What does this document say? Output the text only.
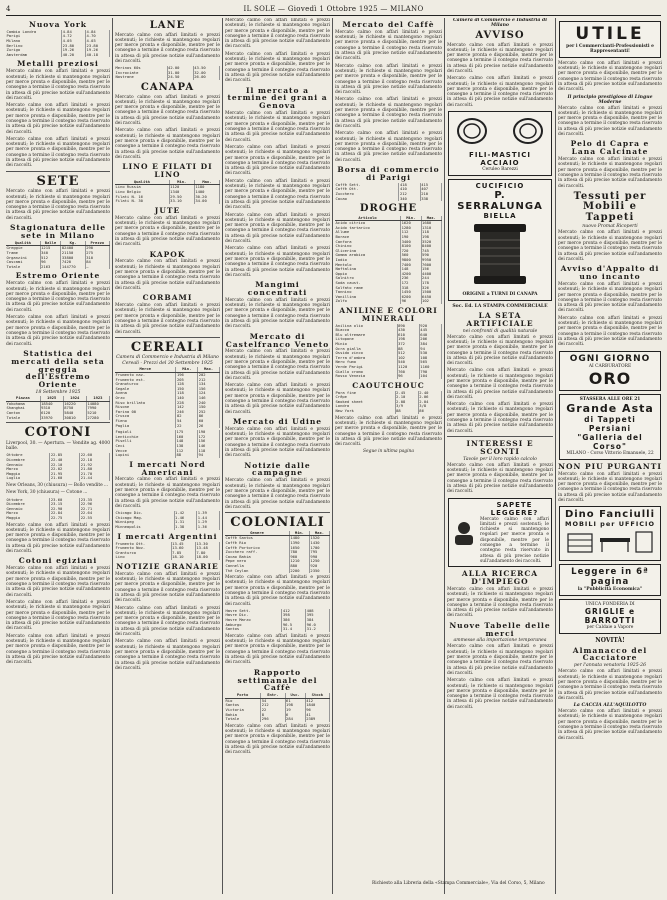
4	IL SOLE — Giovedì 1 Ottobre 1925 — MILANO
Nuova York
Cambio Londra	4.84	4.84
Parigi	4.72	4.70
Milano	4.05	4.03
Berlino	23.80	23.80
Zurigo	19.26	19.26
Amsterdam	40.20	40.18
Metalli preziosi

Mercato calmo con affari limitati e prezzi sostenuti; le richieste si mantengono regolari per merce pronta e disponibile, mentre per le consegne a termine il contegno resta riservato in attesa di più precise notizie sull'andamento dei raccolti.

Mercato calmo con affari limitati e prezzi sostenuti; le richieste si mantengono regolari per merce pronta e disponibile, mentre per le consegne a termine il contegno resta riservato in attesa di più precise notizie sull'andamento dei raccolti.

Mercato calmo con affari limitati e prezzi sostenuti; le richieste si mantengono regolari per merce pronta e disponibile, mentre per le consegne a termine il contegno resta riservato in attesa di più precise notizie sull'andamento dei raccolti.

SETE

Mercato calmo con affari limitati e prezzi sostenuti; le richieste si mantengono regolari per merce pronta e disponibile, mentre per le consegne a termine il contegno resta riservato in attesa di più precise notizie sull'andamento dei raccolti.

Stagionatura delle sete in Milano
Qualità	Balle	Kg.	Prezzo
Greggie	1215	82400	290
Trame	340	21150	275
Organzini	512	33800	310
Cascami	96	7420	84
Totale	2163	144770	—
Estremo Oriente

Mercato calmo con affari limitati e prezzi sostenuti; le richieste si mantengono regolari per merce pronta e disponibile, mentre per le consegne a termine il contegno resta riservato in attesa di più precise notizie sull'andamento dei raccolti.

Mercato calmo con affari limitati e prezzi sostenuti; le richieste si mantengono regolari per merce pronta e disponibile, mentre per le consegne a termine il contegno resta riservato in attesa di più precise notizie sull'andamento dei raccolti.

Statistica dei mercati della seta greggia dell'Estremo Oriente
18 Settembre 1925
Piazza	1925	1924	1923
Yokohama	18540	16220	14080
Shanghai	9310	8750	7990
Canton	6120	5840	5210
Totale	33970	30810	27280
COTONI

Liverpool, 30. — Apertura. — Vendite ag. 4000 balle.

Ottobre	22.85	22.60
Dicembre	22.40	22.18
Gennaio	22.10	21.92
Marzo	22.02	21.80
Maggio	21.95	21.70
Luglio	21.60	21.44

New Orleans, 30 (chiusura) — Bollo vendite ...

New York, 30 (chiusura) — Cotone ...

Ottobre	23.60	23.35
Dicembre	23.15	22.96
Gennaio	22.90	22.71
Marzo	22.84	22.64
Maggio	22.75	22.55

Mercato calmo con affari limitati e prezzi sostenuti; le richieste si mantengono regolari per merce pronta e disponibile, mentre per le consegne a termine il contegno resta riservato in attesa di più precise notizie sull'andamento dei raccolti.

Cotoni egiziani

Mercato calmo con affari limitati e prezzi sostenuti; le richieste si mantengono regolari per merce pronta e disponibile, mentre per le consegne a termine il contegno resta riservato in attesa di più precise notizie sull'andamento dei raccolti.

Mercato calmo con affari limitati e prezzi sostenuti; le richieste si mantengono regolari per merce pronta e disponibile, mentre per le consegne a termine il contegno resta riservato in attesa di più precise notizie sull'andamento dei raccolti.

Mercato calmo con affari limitati e prezzi sostenuti; le richieste si mantengono regolari per merce pronta e disponibile, mentre per le consegne a termine il contegno resta riservato in attesa di più precise notizie sull'andamento dei raccolti.

LANE

Mercato calmo con affari limitati e prezzi sostenuti; le richieste si mantengono regolari per merce pronta e disponibile, mentre per le consegne a termine il contegno resta riservato in attesa di più precise notizie sull'andamento dei raccolti.

Merinos 60s	42.00	43.50
Incrociate	31.00	32.00
Nostrane	24.50	26.00
CANAPA

Mercato calmo con affari limitati e prezzi sostenuti; le richieste si mantengono regolari per merce pronta e disponibile, mentre per le consegne a termine il contegno resta riservato in attesa di più precise notizie sull'andamento dei raccolti.

Mercato calmo con affari limitati e prezzi sostenuti; le richieste si mantengono regolari per merce pronta e disponibile, mentre per le consegne a termine il contegno resta riservato in attesa di più precise notizie sull'andamento dei raccolti.

LINO E FILATI DI LINO
Qualità	Min.	Max.
Lino Russia	1120	1180
Lino Belgio	1340	1400
Filati N. 16	29.50	30.20
Filati N. 30	33.10	34.00
JUTE

Mercato calmo con affari limitati e prezzi sostenuti; le richieste si mantengono regolari per merce pronta e disponibile, mentre per le consegne a termine il contegno resta riservato in attesa di più precise notizie sull'andamento dei raccolti.

KAPOK

Mercato calmo con affari limitati e prezzi sostenuti; le richieste si mantengono regolari per merce pronta e disponibile, mentre per le consegne a termine il contegno resta riservato in attesa di più precise notizie sull'andamento dei raccolti.

CORBAMI

Mercato calmo con affari limitati e prezzi sostenuti; le richieste si mantengono regolari per merce pronta e disponibile, mentre per le consegne a termine il contegno resta riservato in attesa di più precise notizie sull'andamento dei raccolti.

CEREALI
Camera di Commercio e Industria di Milano
Cereali - Prezzi del 30 Settembre 1925
Merce	Min.	Max.
Frumento naz.	196	202
Frumento est.	205	212
Granoturco	128	134
Segale	150	156
Avena	118	124
Orzo	140	146
Riso brillato	228	240
Risone	142	150
Farina 00	246	252
Crusca	82	86
Fieno	54	60
Paglia	22	26
Fagioli	175	190
Lenticchie	160	172
Piselli	148	156
Ceci	138	146
Vecce	112	118
Lupini	88	94
I mercati Nord Americani

Mercato calmo con affari limitati e prezzi sostenuti; le richieste si mantengono regolari per merce pronta e disponibile, mentre per le consegne a termine il contegno resta riservato in attesa di più precise notizie sull'andamento dei raccolti.

Chicago Dic.	1.42	1.39
Chicago Mag.	1.46	1.44
Winnipeg	1.31	1.29
Minneapolis	1.38	1.36
I mercati Argentini
Frumento Ott.	13.45	13.30
Frumento Nov.	13.60	13.48
Granturco	7.85	7.80
Lino	18.10	18.00
NOTIZIE GRANARIE

Mercato calmo con affari limitati e prezzi sostenuti; le richieste si mantengono regolari per merce pronta e disponibile, mentre per le consegne a termine il contegno resta riservato in attesa di più precise notizie sull'andamento dei raccolti.

Mercato calmo con affari limitati e prezzi sostenuti; le richieste si mantengono regolari per merce pronta e disponibile, mentre per le consegne a termine il contegno resta riservato in attesa di più precise notizie sull'andamento dei raccolti.

Mercato calmo con affari limitati e prezzi sostenuti; le richieste si mantengono regolari per merce pronta e disponibile, mentre per le consegne a termine il contegno resta riservato in attesa di più precise notizie sull'andamento dei raccolti.

Mercato calmo con affari limitati e prezzi sostenuti; le richieste si mantengono regolari per merce pronta e disponibile, mentre per le consegne a termine il contegno resta riservato in attesa di più precise notizie sull'andamento dei raccolti.

Mercato calmo con affari limitati e prezzi sostenuti; le richieste si mantengono regolari per merce pronta e disponibile, mentre per le consegne a termine il contegno resta riservato in attesa di più precise notizie sull'andamento dei raccolti.

Il mercato a termine dei grani a Genova

Mercato calmo con affari limitati e prezzi sostenuti; le richieste si mantengono regolari per merce pronta e disponibile, mentre per le consegne a termine il contegno resta riservato in attesa di più precise notizie sull'andamento dei raccolti.

Mercato calmo con affari limitati e prezzi sostenuti; le richieste si mantengono regolari per merce pronta e disponibile, mentre per le consegne a termine il contegno resta riservato in attesa di più precise notizie sull'andamento dei raccolti.

Mercato calmo con affari limitati e prezzi sostenuti; le richieste si mantengono regolari per merce pronta e disponibile, mentre per le consegne a termine il contegno resta riservato in attesa di più precise notizie sull'andamento dei raccolti.

Mercato calmo con affari limitati e prezzi sostenuti; le richieste si mantengono regolari per merce pronta e disponibile, mentre per le consegne a termine il contegno resta riservato in attesa di più precise notizie sull'andamento dei raccolti.

Mercato calmo con affari limitati e prezzi sostenuti; le richieste si mantengono regolari per merce pronta e disponibile, mentre per le consegne a termine il contegno resta riservato in attesa di più precise notizie sull'andamento dei raccolti.

Mangimi concentrati

Mercato calmo con affari limitati e prezzi sostenuti; le richieste si mantengono regolari per merce pronta e disponibile, mentre per le consegne a termine il contegno resta riservato in attesa di più precise notizie sull'andamento dei raccolti.

Mercato di Castelfranco Veneto

Mercato calmo con affari limitati e prezzi sostenuti; le richieste si mantengono regolari per merce pronta e disponibile, mentre per le consegne a termine il contegno resta riservato in attesa di più precise notizie sull'andamento dei raccolti.

Mercato calmo con affari limitati e prezzi sostenuti; le richieste si mantengono regolari per merce pronta e disponibile, mentre per le consegne a termine il contegno resta riservato in attesa di più precise notizie sull'andamento dei raccolti.

Mercato di Udine

Mercato calmo con affari limitati e prezzi sostenuti; le richieste si mantengono regolari per merce pronta e disponibile, mentre per le consegne a termine il contegno resta riservato in attesa di più precise notizie sull'andamento dei raccolti.

Notizie dalle campagne

Mercato calmo con affari limitati e prezzi sostenuti; le richieste si mantengono regolari per merce pronta e disponibile, mentre per le consegne a termine il contegno resta riservato in attesa di più precise notizie sull'andamento dei raccolti.

COLONIALI
Genere	Min.	Max.
Caffè Santos	1480	1520
Caffè Rio	1390	1430
Caffè Portorico	1650	1700
Zucchero raff.	780	795
Cacao Bahia	960	990
Pepe nero	1210	1250
Cannella	880	920
Thè Ceylan	2200	2350

Mercato calmo con affari limitati e prezzi sostenuti; le richieste si mantengono regolari per merce pronta e disponibile, mentre per le consegne a termine il contegno resta riservato in attesa di più precise notizie sull'andamento dei raccolti.

Havre Sett.	412	408
Havre Dic.	398	395
Havre Marzo	386	384
Amburgo	96.5	96.0
Santos	31.4	31.2

Mercato calmo con affari limitati e prezzi sostenuti; le richieste si mantengono regolari per merce pronta e disponibile, mentre per le consegne a termine il contegno resta riservato in attesa di più precise notizie sull'andamento dei raccolti.

Rapporto settimanale del Caffè
Porto	Entr.	Usc.	Stock
Rio	54	61	412
Santos	212	198	1840
Victoria	22	19	96
Bahia	8	6	41
Totale	296	284	2389

Mercato calmo con affari limitati e prezzi sostenuti; le richieste si mantengono regolari per merce pronta e disponibile, mentre per le consegne a termine il contegno resta riservato in attesa di più precise notizie sull'andamento dei raccolti.

Mercato del Caffè

Mercato calmo con affari limitati e prezzi sostenuti; le richieste si mantengono regolari per merce pronta e disponibile, mentre per le consegne a termine il contegno resta riservato in attesa di più precise notizie sull'andamento dei raccolti.

Mercato calmo con affari limitati e prezzi sostenuti; le richieste si mantengono regolari per merce pronta e disponibile, mentre per le consegne a termine il contegno resta riservato in attesa di più precise notizie sull'andamento dei raccolti.

Mercato calmo con affari limitati e prezzi sostenuti; le richieste si mantengono regolari per merce pronta e disponibile, mentre per le consegne a termine il contegno resta riservato in attesa di più precise notizie sull'andamento dei raccolti.

Mercato calmo con affari limitati e prezzi sostenuti; le richieste si mantengono regolari per merce pronta e disponibile, mentre per le consegne a termine il contegno resta riservato in attesa di più precise notizie sull'andamento dei raccolti.

Borsa di commercio di Parigi
Caffè Sett.	418	415
Caffè Ott.	410	407
Zucchero	212	210
Cacao	340	338
DROGHE
Articolo	Min.	Max.
Acido citrico	1620	1680
Acido tartarico	1280	1310
Allume	112	118
Borace	190	198
Canfora	3400	3520
Chinino	8100	8400
Glicerina	720	745
Gomma arabica	560	590
Iodio	9800	9950
Mentolo	7400	7600
Naftalina	148	156
Oppio	4200	4400
Salnitro	236	244
Soda caust.	172	178
Solfato rame	318	326
Tannino	1450	1500
Vanillina	6200	6450
Zolfo	96	102
ANILINE E COLORI MINERALI
Anilina olio	890	920
Biacca	430	445
Blu oltremare	610	640
Litopone	198	206
Minio	372	384
Ocra gialla	88	94
Ossido zinco	512	530
Terra d'ombra	102	108
Nero fumo	540	565
Verde Parigi	1120	1160
Giallo cromo	760	790
Rosso Venezia	96	104
CAOUTCHOUC
Para fine	2.45	2.40
Crêpe	2.10	2.06
Smoked sheet	2.08	2.04
Londra	3/9	3/8
New York	88	86

Mercato calmo con affari limitati e prezzi sostenuti; le richieste si mantengono regolari per merce pronta e disponibile, mentre per le consegne a termine il contegno resta riservato in attesa di più precise notizie sull'andamento dei raccolti.

Segue in ultima pagina

Camera di Commercio e Industria di Milano
AVVISO

Mercato calmo con affari limitati e prezzi sostenuti; le richieste si mantengono regolari per merce pronta e disponibile, mentre per le consegne a termine il contegno resta riservato in attesa di più precise notizie sull'andamento dei raccolti.

Mercato calmo con affari limitati e prezzi sostenuti; le richieste si mantengono regolari per merce pronta e disponibile, mentre per le consegne a termine il contegno resta riservato in attesa di più precise notizie sull'andamento dei raccolti.

FILI-MASTICI
ACCIAIO
Ceruleo Barezzi
CUCIFICIO
P. SERRALUNGA
BIELLA
ORIGINE a TURNI DI CANAPA
Soc. Ed. LA STAMPA COMMERCIALE
LA SETA ARTIFICIALE
nei confronti di qualità naturale

Mercato calmo con affari limitati e prezzi sostenuti; le richieste si mantengono regolari per merce pronta e disponibile, mentre per le consegne a termine il contegno resta riservato in attesa di più precise notizie sull'andamento dei raccolti.

Mercato calmo con affari limitati e prezzi sostenuti; le richieste si mantengono regolari per merce pronta e disponibile, mentre per le consegne a termine il contegno resta riservato in attesa di più precise notizie sull'andamento dei raccolti.

Mercato calmo con affari limitati e prezzi sostenuti; le richieste si mantengono regolari per merce pronta e disponibile, mentre per le consegne a termine il contegno resta riservato in attesa di più precise notizie sull'andamento dei raccolti.

INTERESSI E SCONTI
Tavole per il loro rapido calcolo

Mercato calmo con affari limitati e prezzi sostenuti; le richieste si mantengono regolari per merce pronta e disponibile, mentre per le consegne a termine il contegno resta riservato in attesa di più precise notizie sull'andamento dei raccolti.

SAPETE LEGGERE?

Mercato calmo con affari limitati e prezzi sostenuti; le richieste si mantengono regolari per merce pronta e disponibile, mentre per le consegne a termine il contegno resta riservato in attesa di più precise notizie sull'andamento dei raccolti.

ALLA RICERCA D'IMPIEGO

Mercato calmo con affari limitati e prezzi sostenuti; le richieste si mantengono regolari per merce pronta e disponibile, mentre per le consegne a termine il contegno resta riservato in attesa di più precise notizie sull'andamento dei raccolti.

Nuove Tabelle delle merci
ammesse alla importazione temporanea

Mercato calmo con affari limitati e prezzi sostenuti; le richieste si mantengono regolari per merce pronta e disponibile, mentre per le consegne a termine il contegno resta riservato in attesa di più precise notizie sull'andamento dei raccolti.

Mercato calmo con affari limitati e prezzi sostenuti; le richieste si mantengono regolari per merce pronta e disponibile, mentre per le consegne a termine il contegno resta riservato in attesa di più precise notizie sull'andamento dei raccolti.

UTILE
per i Commercianti-Professionisti e Rappresentanti!

Mercato calmo con affari limitati e prezzi sostenuti; le richieste si mantengono regolari per merce pronta e disponibile, mentre per le consegne a termine il contegno resta riservato in attesa di più precise notizie sull'andamento dei raccolti.

Il principio prestigioso di Lingue Moderne

Mercato calmo con affari limitati e prezzi sostenuti; le richieste si mantengono regolari per merce pronta e disponibile, mentre per le consegne a termine il contegno resta riservato in attesa di più precise notizie sull'andamento dei raccolti.

Pelo di Capra e Lana Calcinate

Mercato calmo con affari limitati e prezzi sostenuti; le richieste si mantengono regolari per merce pronta e disponibile, mentre per le consegne a termine il contegno resta riservato in attesa di più precise notizie sull'andamento dei raccolti.

Tessuti per Mobili e Tappeti
nuovo Promat Ricoperti

Mercato calmo con affari limitati e prezzi sostenuti; le richieste si mantengono regolari per merce pronta e disponibile, mentre per le consegne a termine il contegno resta riservato in attesa di più precise notizie sull'andamento dei raccolti.

Avviso d'Appalto di uno incanto

Mercato calmo con affari limitati e prezzi sostenuti; le richieste si mantengono regolari per merce pronta e disponibile, mentre per le consegne a termine il contegno resta riservato in attesa di più precise notizie sull'andamento dei raccolti.

Mercato calmo con affari limitati e prezzi sostenuti; le richieste si mantengono regolari per merce pronta e disponibile, mentre per le consegne a termine il contegno resta riservato in attesa di più precise notizie sull'andamento dei raccolti.

OGNI GIORNO
AI CARBURATORE
ORO
STASSERA ALLE ORE 21
Grande Asta
di Tappeti Persiani
"Galleria del Corso"
MILANO - Corso Vittorio Emanuele, 22
NON PIU PURGANTI

Mercato calmo con affari limitati e prezzi sostenuti; le richieste si mantengono regolari per merce pronta e disponibile, mentre per le consegne a termine il contegno resta riservato in attesa di più precise notizie sull'andamento dei raccolti.

Dino Fanciulli
MOBILI per UFFICIO
Leggere in 6ª pagina
la "Pubblicità Economica"
UNICA FONDERIA DI
GRIGLIE e BARROTTI
per Caldaie a Vapore
NOVITÀ!
Almanacco del Cacciatore
per l'annata venatoria 1925-26

Mercato calmo con affari limitati e prezzi sostenuti; le richieste si mantengono regolari per merce pronta e disponibile, mentre per le consegne a termine il contegno resta riservato in attesa di più precise notizie sull'andamento dei raccolti.

La CACCIA ALL'AQUILOTTO

Mercato calmo con affari limitati e prezzi sostenuti; le richieste si mantengono regolari per merce pronta e disponibile, mentre per le consegne a termine il contegno resta riservato in attesa di più precise notizie sull'andamento dei raccolti.

Richiesto alla Libreria della «Stampa Commerciale», Via del Corso, 5, Milano
